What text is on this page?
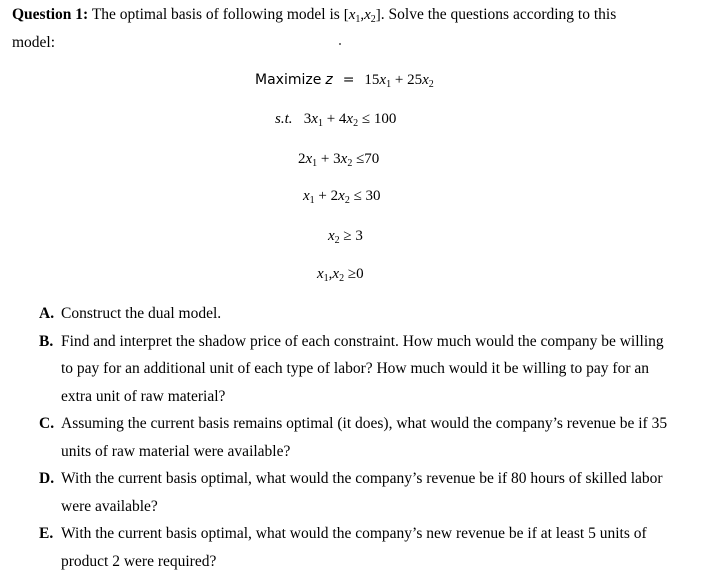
Question 1: The optimal basis of following model is $[x_1,x_2]$. Solve the questions according to this
model:
Maximize $z = 15x_1 + 25x_2$
s.t. $3x_1 + 4x_2 \le 100$
$2x_1 + 3x_2 \le 70$
$x_1 + 2x_2 \le 30$
$x_2 \ge 3$
$x_1,x_2 \ge 0$
A. Construct the dual model.
B. Find and interpret the shadow price of each constraint. How much would the company be willing
to pay for an additional unit of each type of labor? How much would it be willing to pay for an
extra unit of raw material?
C. Assuming the current basis remains optimal (it does), what would the company’s revenue be if 35
units of raw material were available?
D. With the current basis optimal, what would the company’s revenue be if 80 hours of skilled labor
were available?
E. With the current basis optimal, what would the company’s new revenue be if at least 5 units of
product 2 were required?
